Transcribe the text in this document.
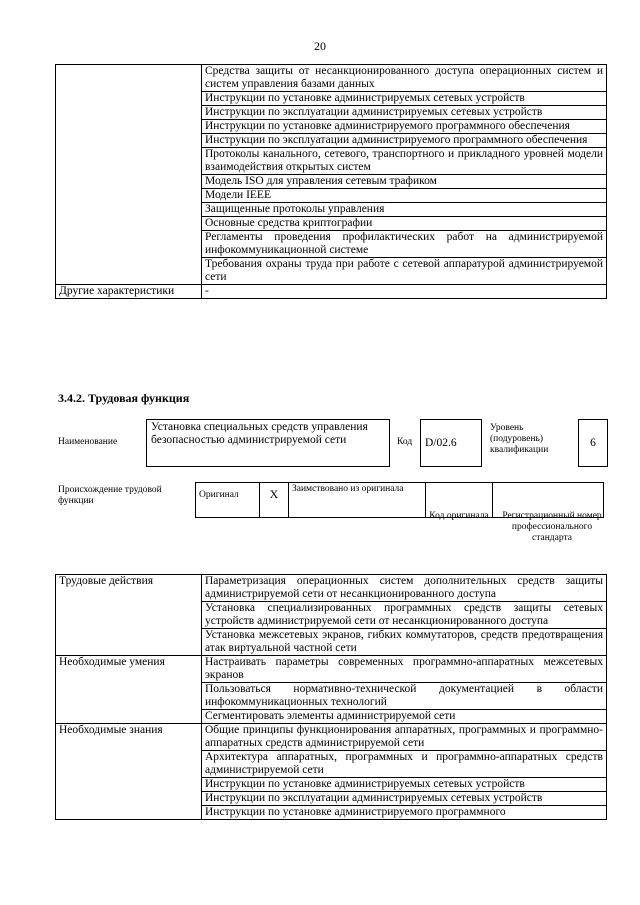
20
	Средства защиты от несанкционированного доступа операционных систем и систем управления базами данных
	Инструкции по установке администрируемых сетевых устройств
	Инструкции по эксплуатации администрируемых сетевых устройств
	Инструкции по установке администрируемого программного обеспечения
	Инструкции по эксплуатации администрируемого программного обеспечения
	Протоколы канального, сетевого, транспортного и прикладного уровней модели взаимодействия открытых систем
	Модель ISO для управления сетевым трафиком
	Модели IEEE
	Защищенные протоколы управления
	Основные средства криптографии
	Регламенты проведения профилактических работ на администрируемой инфокоммуникационной системе
	Требования охраны труда при работе с сетевой аппаратурой администрируемой сети
Другие характеристики	-
3.4.2. Трудовая функция
Наименование
Установка специальных средств управления безопасностью администрируемой сети	Код	D/02.6
Уровень (подуровень) квалификации
6
Происхождение трудовой функции
Оригинал	X	Заимствовано из оригинала		
Код оригинала	Регистрационный номер профессионального стандарта
Трудовые действия	Параметризация операционных систем дополнительных средств защиты администрируемой сети от несанкционированного доступа
	Установка специализированных программных средств защиты сетевых устройств администрируемой сети от несанкционированного доступа
	Установка межсетевых экранов, гибких коммутаторов, средств предотвращения атак виртуальной частной сети
Необходимые умения	Настраивать параметры современных программно-аппаратных межсетевых экранов
	Пользоваться нормативно-технической документацией в области инфокоммуникационных технологий
	Сегментировать элементы администрируемой сети
Необходимые знания	Общие принципы функционирования аппаратных, программных и программно-аппаратных средств администрируемой сети
	Архитектура аппаратных, программных и программно-аппаратных средств администрируемой сети
	Инструкции по установке администрируемых сетевых устройств
	Инструкции по эксплуатации администрируемых сетевых устройств
	Инструкции по установке администрируемого программного
